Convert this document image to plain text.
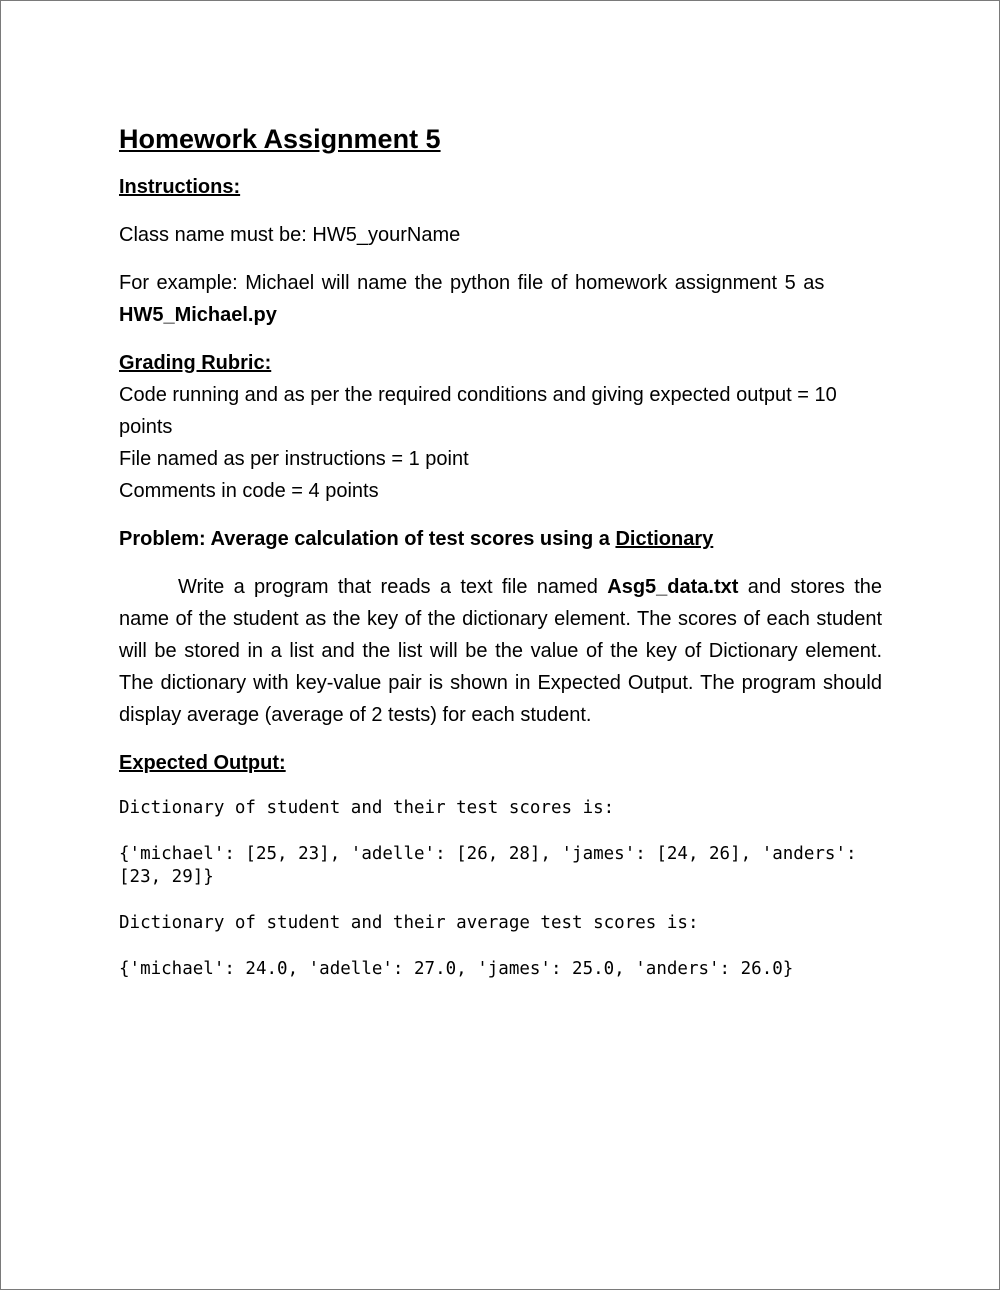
Homework Assignment 5

Instructions:

Class name must be: HW5_yourName

For example: Michael will name the python file of homework assignment 5 as
HW5_Michael.py

Grading Rubric:

Code running and as per the required conditions and giving expected output = 10 points

File named as per instructions = 1 point

Comments in code = 4 points

Problem: Average calculation of test scores using a Dictionary

Write a program that reads a text file named Asg5_data.txt and stores the name of the student as the key of the dictionary element. The scores of each student will be stored in a list and the list will be the value of the key of Dictionary element. The dictionary with key-value pair is shown in Expected Output. The program should display average (average of 2 tests) for each student.

Expected Output:

Dictionary of student and their test scores is:
{'michael': [25, 23], 'adelle': [26, 28], 'james': [24, 26], 'anders':
[23, 29]}
Dictionary of student and their average test scores is:
{'michael': 24.0, 'adelle': 27.0, 'james': 25.0, 'anders': 26.0}
